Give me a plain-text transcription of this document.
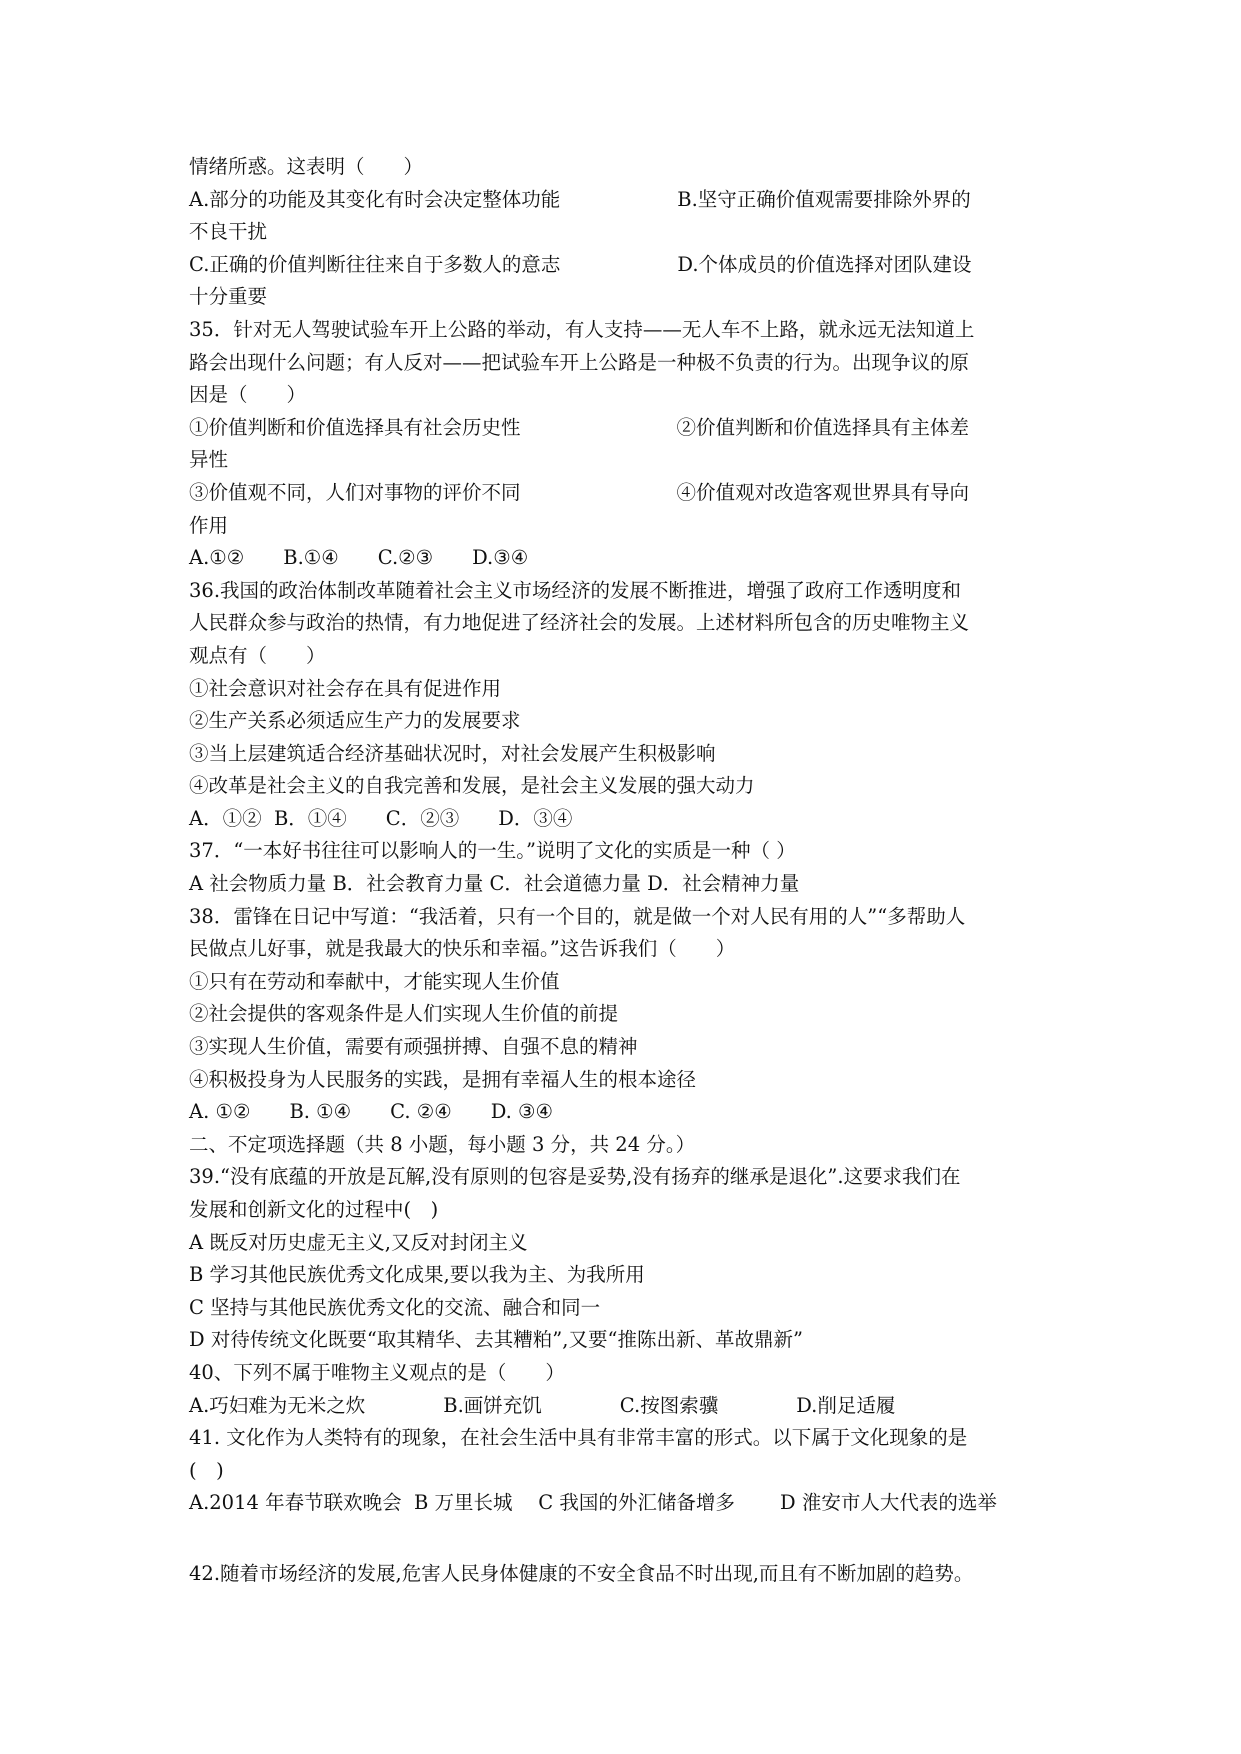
情绪所惑。这表明（　　）
A.部分的功能及其变化有时会决定整体功能　　　　　　B.坚守正确价值观需要排除外界的
不良干扰
C.正确的价值判断往往来自于多数人的意志　　　　　　D.个体成员的价值选择对团队建设
十分重要
35．针对无人驾驶试验车开上公路的举动，有人支持——无人车不上路，就永远无法知道上
路会出现什么问题；有人反对——把试验车开上公路是一种极不负责的行为。出现争议的原
因是（　　）
①价值判断和价值选择具有社会历史性　　　　　　　　②价值判断和价值选择具有主体差
异性
③价值观不同，人们对事物的评价不同　　　　　　　　④价值观对改造客观世界具有导向
作用
A.①②　　B.①④　　C.②③　　D.③④
36.我国的政治体制改革随着社会主义市场经济的发展不断推进，增强了政府工作透明度和
人民群众参与政治的热情，有力地促进了经济社会的发展。上述材料所包含的历史唯物主义
观点有（　　）
①社会意识对社会存在具有促进作用
②生产关系必须适应生产力的发展要求
③当上层建筑适合经济基础状况时，对社会发展产生积极影响
④改革是社会主义的自我完善和发展，是社会主义发展的强大动力
A．①②  B．①④　　C．②③　　D．③④
37．“一本好书往往可以影响人的一生。”说明了文化的实质是一种（ ）
A 社会物质力量 B．社会教育力量 C．社会道德力量 D．社会精神力量
38．雷锋在日记中写道：“我活着，只有一个目的，就是做一个对人民有用的人”“多帮助人
民做点儿好事，就是我最大的快乐和幸福。”这告诉我们（　　）
①只有在劳动和奉献中，才能实现人生价值
②社会提供的客观条件是人们实现人生价值的前提
③实现人生价值，需要有顽强拼搏、自强不息的精神
④积极投身为人民服务的实践，是拥有幸福人生的根本途径
A. ①②　　B. ①④　　C. ②④　　D. ③④
二、不定项选择题（共 8 小题，每小题 3 分，共 24 分。）
39.“没有底蕴的开放是瓦解,没有原则的包容是妥势,没有扬弃的继承是退化”.这要求我们在
发展和创新文化的过程中(　)
A 既反对历史虚无主义,又反对封闭主义
B 学习其他民族优秀文化成果,要以我为主、为我所用
C 坚持与其他民族优秀文化的交流、融合和同一
D 对待传统文化既要“取其精华、去其糟粕”,又要“推陈出新、革故鼎新”
40、下列不属于唯物主义观点的是（　　）
A.巧妇难为无米之炊　　　　B.画饼充饥　　　　C.按图索骥　　　　D.削足适履
41. 文化作为人类特有的现象，在社会生活中具有非常丰富的形式。以下属于文化现象的是
(　)
A.2014 年春节联欢晚会  B 万里长城　 C 我国的外汇储备增多　　 D 淮安市人大代表的选举
42.随着市场经济的发展,危害人民身体健康的不安全食品不时出现,而且有不断加剧的趋势。
